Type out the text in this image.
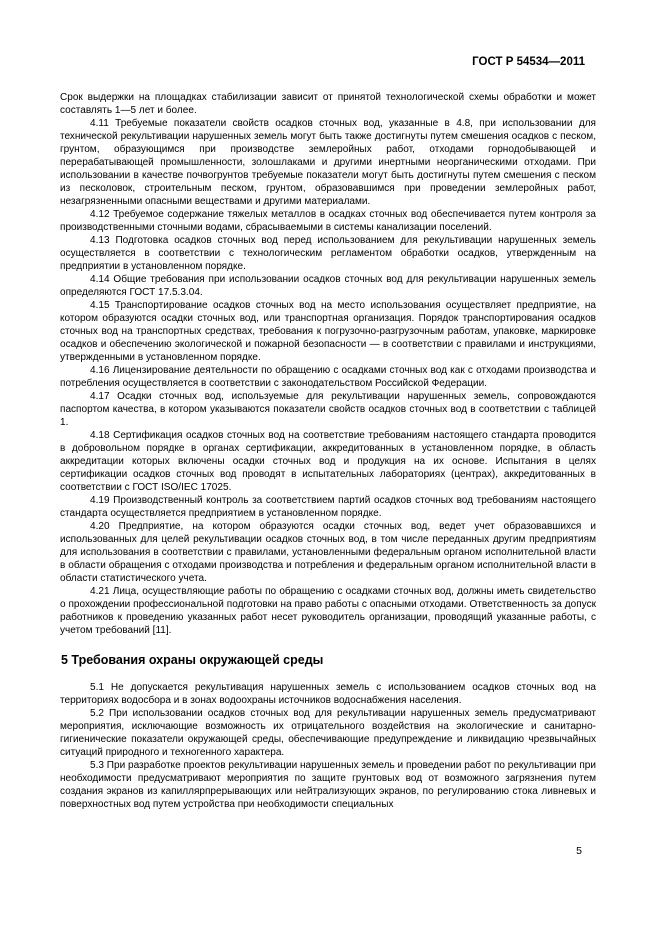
ГОСТ Р 54534—2011

Срок выдержки на площадках стабилизации зависит от принятой технологической схемы обработки и может составлять 1—5 лет и более.

4.11 Требуемые показатели свойств осадков сточных вод, указанные в 4.8, при использовании для технической рекультивации нарушенных земель могут быть также достигнуты путем смешения осадков с песком, грунтом, образующимся при производстве землеройных работ, отходами горнодобывающей и перерабатывающей промышленности, золошлаками и другими инертными неорганическими отходами. При использовании в качестве почвогрунтов требуемые показатели могут быть достигнуты путем смешения с песком из песколовок, строительным песком, грунтом, образовавшимся при проведении землеройных работ, незагрязненными опасными веществами и другими материалами.

4.12 Требуемое содержание тяжелых металлов в осадках сточных вод обеспечивается путем контроля за производственными сточными водами, сбрасываемыми в системы канализации поселений.

4.13 Подготовка осадков сточных вод перед использованием для рекультивации нарушенных земель осуществляется в соответствии с технологическим регламентом обработки осадков, утвержденным на предприятии в установленном порядке.

4.14 Общие требования при использовании осадков сточных вод для рекультивации нарушенных земель определяются ГОСТ 17.5.3.04.

4.15 Транспортирование осадков сточных вод на место использования осуществляет предприятие, на котором образуются осадки сточных вод, или транспортная организация. Порядок транспортирования осадков сточных вод на транспортных средствах, требования к погрузочно-разгрузочным работам, упаковке, маркировке осадков и обеспечению экологической и пожарной безопасности — в соответствии с правилами и инструкциями, утвержденными в установленном порядке.

4.16 Лицензирование деятельности по обращению с осадками сточных вод как с отходами производства и потребления осуществляется в соответствии с законодательством Российской Федерации.

4.17 Осадки сточных вод, используемые для рекультивации нарушенных земель, сопровождаются паспортом качества, в котором указываются показатели свойств осадков сточных вод в соответствии с таблицей 1.

4.18 Сертификация осадков сточных вод на соответствие требованиям настоящего стандарта проводится в добровольном порядке в органах сертификации, аккредитованных в установленном порядке, в область аккредитации которых включены осадки сточных вод и продукция на их основе. Испытания в целях сертификации осадков сточных вод проводят в испытательных лабораториях (центрах), аккредитованных в соответствии с ГОСТ ISO/IEC 17025.

4.19 Производственный контроль за соответствием партий осадков сточных вод требованиям настоящего стандарта осуществляется предприятием в установленном порядке.

4.20 Предприятие, на котором образуются осадки сточных вод, ведет учет образовавшихся и использованных для целей рекультивации осадков сточных вод, в том числе переданных другим предприятиям для использования в соответствии с правилами, установленными федеральным органом исполнительной власти в области обращения с отходами производства и потребления и федеральным органом исполнительной власти в области статистического учета.

4.21 Лица, осуществляющие работы по обращению с осадками сточных вод, должны иметь свидетельство о прохождении профессиональной подготовки на право работы с опасными отходами. Ответственность за допуск работников к проведению указанных работ несет руководитель организации, проводящий указанные работы, с учетом требований [11].

5 Требования охраны окружающей среды

5.1 Не допускается рекультивация нарушенных земель с использованием осадков сточных вод на территориях водосбора и в зонах водоохраны источников водоснабжения населения.

5.2 При использовании осадков сточных вод для рекультивации нарушенных земель предусматривают мероприятия, исключающие возможность их отрицательного воздействия на экологические и санитарно-гигиенические показатели окружающей среды, обеспечивающие предупреждение и ликвидацию чрезвычайных ситуаций природного и техногенного характера.

5.3 При разработке проектов рекультивации нарушенных земель и проведении работ по рекультивации при необходимости предусматривают мероприятия по защите грунтовых вод от возможного загрязнения путем создания экранов из капиллярпрерывающих или нейтрализующих экранов, по регулированию стока ливневых и поверхностных вод путем устройства при необходимости специальных

5
